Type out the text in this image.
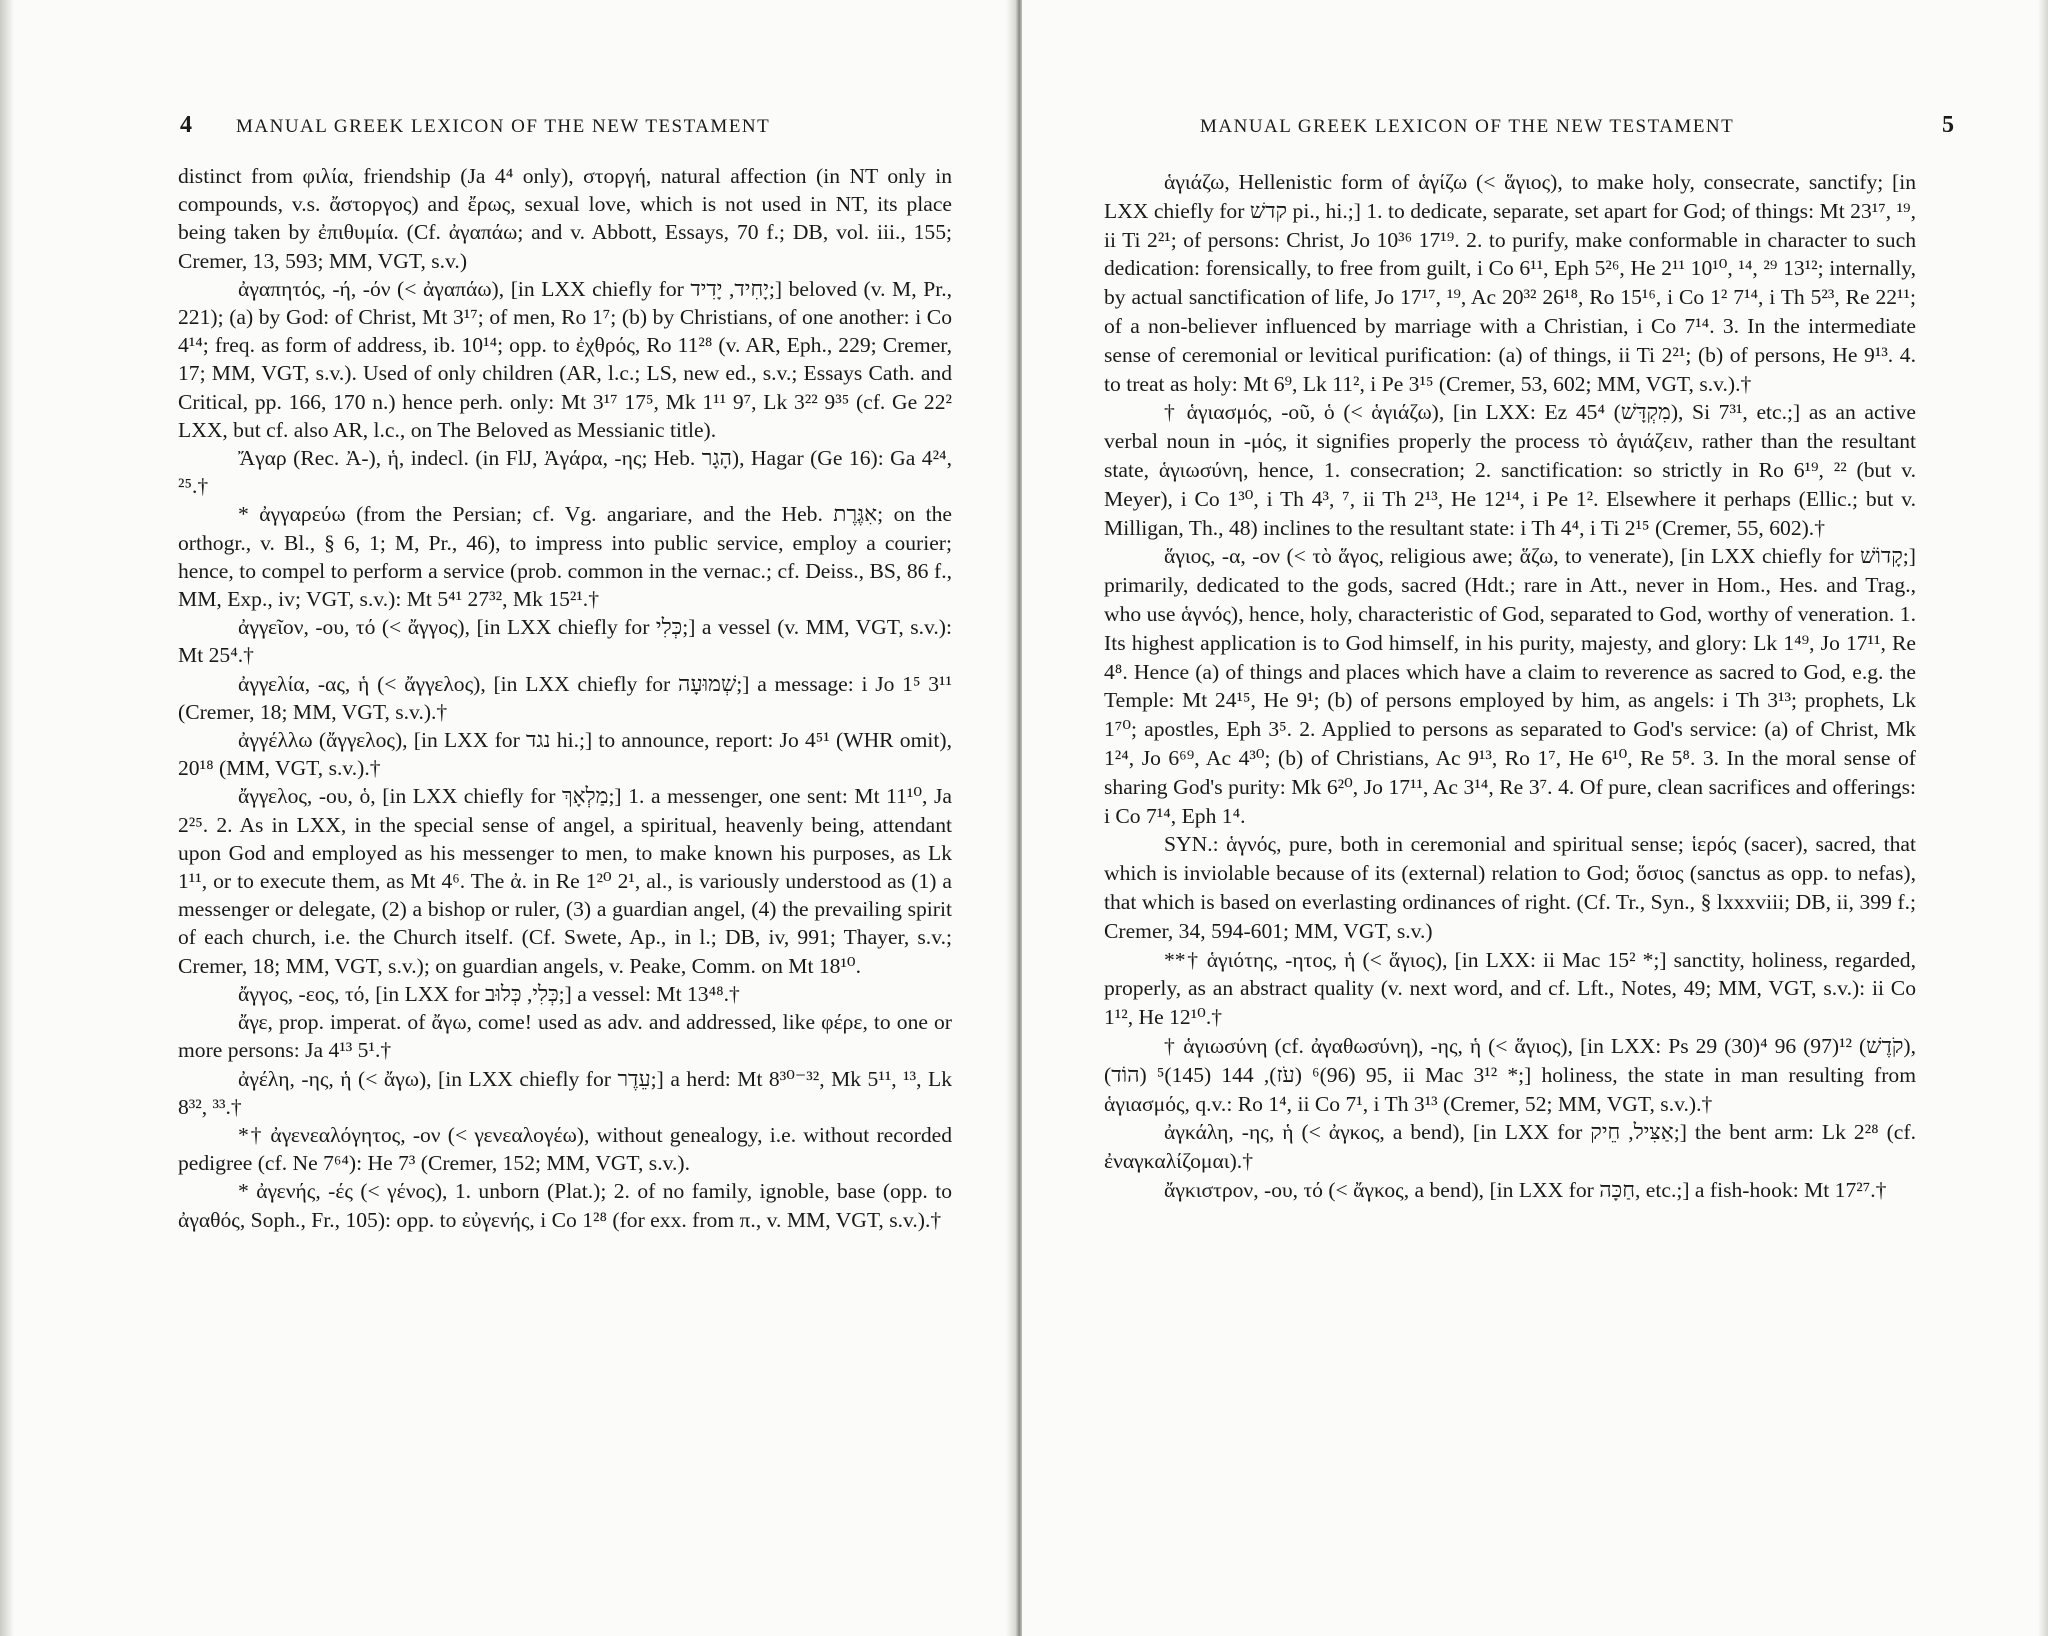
4	MANUAL GREEK LEXICON OF THE NEW TESTAMENT

distinct from φιλία, friendship (Ja 4⁴ only), στοργή, natural affection (in NT only in compounds, v.s. ἄστοργος) and ἔρως, sexual love, which is not used in NT, its place being taken by ἐπιθυμία. (Cf. ἀγαπάω; and v. Abbott, Essays, 70 f.; DB, vol. iii., 155; Cremer, 13, 593; MM, VGT, s.v.)

ἀγαπητός, -ή, -όν (< ἀγαπάω), [in LXX chiefly for יָחִיד, יָדִיד;] beloved (v. M, Pr., 221); (a) by God: of Christ, Mt 3¹⁷; of men, Ro 1⁷; (b) by Christians, of one another: i Co 4¹⁴; freq. as form of address, ib. 10¹⁴; opp. to ἐχθρός, Ro 11²⁸ (v. AR, Eph., 229; Cremer, 17; MM, VGT, s.v.). Used of only children (AR, l.c.; LS, new ed., s.v.; Essays Cath. and Critical, pp. 166, 170 n.) hence perh. only: Mt 3¹⁷ 17⁵, Mk 1¹¹ 9⁷, Lk 3²² 9³⁵ (cf. Ge 22² LXX, but cf. also AR, l.c., on The Beloved as Messianic title).

Ἄγαρ (Rec. Ἀ-), ἡ, indecl. (in FlJ, Ἀγάρα, -ης; Heb. הָגָר), Hagar (Ge 16): Ga 4²⁴, ²⁵.†

* ἀγγαρεύω (from the Persian; cf. Vg. angariare, and the Heb. אִגֶּרֶת; on the orthogr., v. Bl., § 6, 1; M, Pr., 46), to impress into public service, employ a courier; hence, to compel to perform a service (prob. common in the vernac.; cf. Deiss., BS, 86 f., MM, Exp., iv; VGT, s.v.): Mt 5⁴¹ 27³², Mk 15²¹.†

ἀγγεῖον, -ου, τό (< ἄγγος), [in LXX chiefly for כְּלִי;] a vessel (v. MM, VGT, s.v.): Mt 25⁴.†

ἀγγελία, -ας, ἡ (< ἄγγελος), [in LXX chiefly for שְׁמוּעָה;] a message: i Jo 1⁵ 3¹¹ (Cremer, 18; MM, VGT, s.v.).†

ἀγγέλλω (ἄγγελος), [in LXX for נגד hi.;] to announce, report: Jo 4⁵¹ (WHR omit), 20¹⁸ (MM, VGT, s.v.).†

ἄγγελος, -ου, ὁ, [in LXX chiefly for מַלְאָךְ;] 1. a messenger, one sent: Mt 11¹⁰, Ja 2²⁵. 2. As in LXX, in the special sense of angel, a spiritual, heavenly being, attendant upon God and employed as his messenger to men, to make known his purposes, as Lk 1¹¹, or to execute them, as Mt 4⁶. The ἀ. in Re 1²⁰ 2¹, al., is variously understood as (1) a messenger or delegate, (2) a bishop or ruler, (3) a guardian angel, (4) the prevailing spirit of each church, i.e. the Church itself. (Cf. Swete, Ap., in l.; DB, iv, 991; Thayer, s.v.; Cremer, 18; MM, VGT, s.v.); on guardian angels, v. Peake, Comm. on Mt 18¹⁰.

ἄγγος, -εος, τό, [in LXX for כְּלִי, כְּלוּב;] a vessel: Mt 13⁴⁸.†

ἄγε, prop. imperat. of ἄγω, come! used as adv. and addressed, like φέρε, to one or more persons: Ja 4¹³ 5¹.†

ἀγέλη, -ης, ἡ (< ἄγω), [in LXX chiefly for עֵדֶר;] a herd: Mt 8³⁰⁻³², Mk 5¹¹, ¹³, Lk 8³², ³³.†

*† ἀγενεαλόγητος, -ον (< γενεαλογέω), without genealogy, i.e. without recorded pedigree (cf. Ne 7⁶⁴): He 7³ (Cremer, 152; MM, VGT, s.v.).

* ἀγενής, -ές (< γένος), 1. unborn (Plat.); 2. of no family, ignoble, base (opp. to ἀγαθός, Soph., Fr., 105): opp. to εὐγενής, i Co 1²⁸ (for exx. from π., v. MM, VGT, s.v.).†

MANUAL GREEK LEXICON OF THE NEW TESTAMENT	5

ἁγιάζω, Hellenistic form of ἁγίζω (< ἅγιος), to make holy, consecrate, sanctify; [in LXX chiefly for קדשׁ pi., hi.;] 1. to dedicate, separate, set apart for God; of things: Mt 23¹⁷, ¹⁹, ii Ti 2²¹; of persons: Christ, Jo 10³⁶ 17¹⁹. 2. to purify, make conformable in character to such dedication: forensically, to free from guilt, i Co 6¹¹, Eph 5²⁶, He 2¹¹ 10¹⁰, ¹⁴, ²⁹ 13¹²; internally, by actual sanctification of life, Jo 17¹⁷, ¹⁹, Ac 20³² 26¹⁸, Ro 15¹⁶, i Co 1² 7¹⁴, i Th 5²³, Re 22¹¹; of a non-believer influenced by marriage with a Christian, i Co 7¹⁴. 3. In the intermediate sense of ceremonial or levitical purification: (a) of things, ii Ti 2²¹; (b) of persons, He 9¹³. 4. to treat as holy: Mt 6⁹, Lk 11², i Pe 3¹⁵ (Cremer, 53, 602; MM, VGT, s.v.).†

† ἁγιασμός, -οῦ, ὁ (< ἁγιάζω), [in LXX: Ez 45⁴ (מִקְדָּשׁ), Si 7³¹, etc.;] as an active verbal noun in -μός, it signifies properly the process τὸ ἁγιάζειν, rather than the resultant state, ἁγιωσύνη, hence, 1. consecration; 2. sanctification: so strictly in Ro 6¹⁹, ²² (but v. Meyer), i Co 1³⁰, i Th 4³, ⁷, ii Th 2¹³, He 12¹⁴, i Pe 1². Elsewhere it perhaps (Ellic.; but v. Milligan, Th., 48) inclines to the resultant state: i Th 4⁴, i Ti 2¹⁵ (Cremer, 55, 602).†

ἅγιος, -α, -ον (< τὸ ἅγος, religious awe; ἅζω, to venerate), [in LXX chiefly for קָדוֹשׁ;] primarily, dedicated to the gods, sacred (Hdt.; rare in Att., never in Hom., Hes. and Trag., who use ἁγνός), hence, holy, characteristic of God, separated to God, worthy of veneration. 1. Its highest application is to God himself, in his purity, majesty, and glory: Lk 1⁴⁹, Jo 17¹¹, Re 4⁸. Hence (a) of things and places which have a claim to reverence as sacred to God, e.g. the Temple: Mt 24¹⁵, He 9¹; (b) of persons employed by him, as angels: i Th 3¹³; prophets, Lk 1⁷⁰; apostles, Eph 3⁵. 2. Applied to persons as separated to God's service: (a) of Christ, Mk 1²⁴, Jo 6⁶⁹, Ac 4³⁰; (b) of Christians, Ac 9¹³, Ro 1⁷, He 6¹⁰, Re 5⁸. 3. In the moral sense of sharing God's purity: Mk 6²⁰, Jo 17¹¹, Ac 3¹⁴, Re 3⁷. 4. Of pure, clean sacrifices and offerings: i Co 7¹⁴, Eph 1⁴.

SYN.: ἁγνός, pure, both in ceremonial and spiritual sense; ἱερός (sacer), sacred, that which is inviolable because of its (external) relation to God; ὅσιος (sanctus as opp. to nefas), that which is based on everlasting ordinances of right. (Cf. Tr., Syn., § lxxxviii; DB, ii, 399 f.; Cremer, 34, 594-601; MM, VGT, s.v.)

**† ἁγιότης, -ητος, ἡ (< ἅγιος), [in LXX: ii Mac 15² *;] sanctity, holiness, regarded, properly, as an abstract quality (v. next word, and cf. Lft., Notes, 49; MM, VGT, s.v.): ii Co 1¹², He 12¹⁰.†

† ἁγιωσύνη (cf. ἀγαθωσύνη), -ης, ἡ (< ἅγιος), [in LXX: Ps 29 (30)⁴ 96 (97)¹² (קֹדֶשׁ), 95 (96)⁶ (עֹז), 144 (145)⁵ (הוֹד), ii Mac 3¹² *;] holiness, the state in man resulting from ἁγιασμός, q.v.: Ro 1⁴, ii Co 7¹, i Th 3¹³ (Cremer, 52; MM, VGT, s.v.).†

ἀγκάλη, -ης, ἡ (< ἀγκος, a bend), [in LXX for אַצִּיל, חֵיק;] the bent arm: Lk 2²⁸ (cf. ἐναγκαλίζομαι).†

ἄγκιστρον, -ου, τό (< ἄγκος, a bend), [in LXX for חַכָּה, etc.;] a fish-hook: Mt 17²⁷.†
